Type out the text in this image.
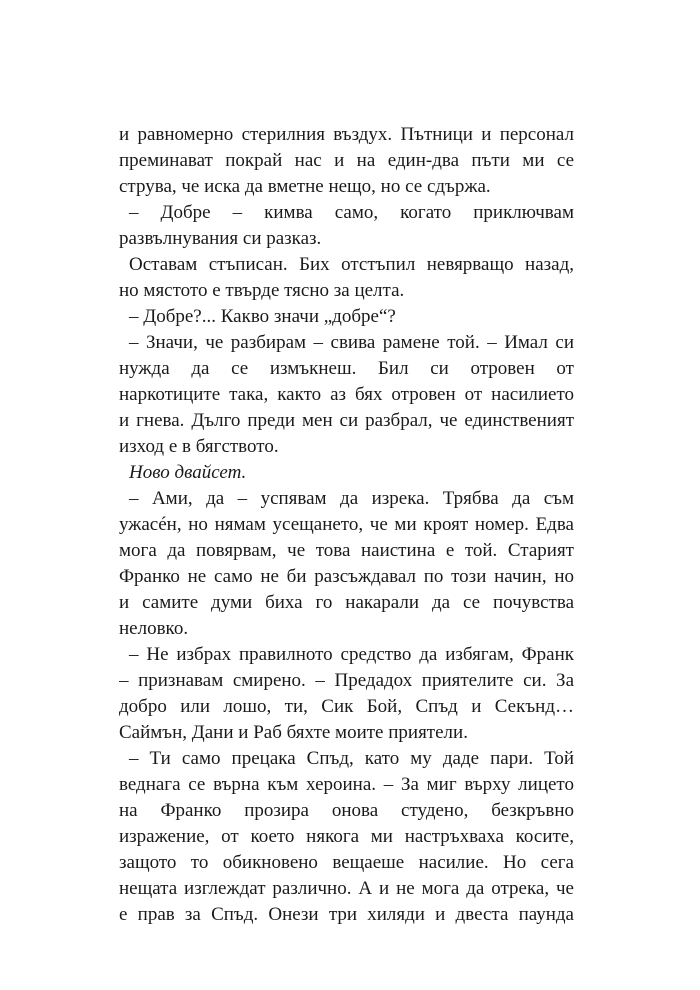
и равномерно стерилния въздух. Пътници и персонал
преминават покрай нас и на един-два пъти ми се
струва, че иска да вметне нещо, но се сдържа.
– Добре – кимва само, когато приключвам
развълнувания си разказ.
Оставам стъписан. Бих отстъпил невярващо назад,
но мястото е твърде тясно за целта.
– Добре?... Какво значи „добре“?
– Значи, че разбирам – свива рамене той. – Имал си
нужда да се измъкнеш. Бил си отровен от
наркотиците така, както аз бях отровен от насилието
и гнева. Дълго преди мен си разбрал, че единственият
изход е в бягството.
Ново двайсет.
– Ами, да – успявам да изрека. Трябва да съм
ужасéн, но нямам усещането, че ми кроят номер. Едва
мога да повярвам, че това наистина е той. Старият
Франко не само не би разсъждавал по този начин, но
и самите думи биха го накарали да се почувства
неловко.
– Не избрах правилното средство да избягам, Франк
– признавам смирено. – Предадох приятелите си. За
добро или лошо, ти, Сик Бой, Спъд и Секънд…
Саймън, Дани и Раб бяхте моите приятели.
– Ти само прецака Спъд, като му даде пари. Той
веднага се върна към хероина. – За миг върху лицето
на Франко прозира онова студено, безкръвно
изражение, от което някога ми настръхваха косите,
защото то обикновено вещаеше насилие. Но сега
нещата изглеждат различно. А и не мога да отрека, че
е прав за Спъд. Онези три хиляди и двеста паунда
